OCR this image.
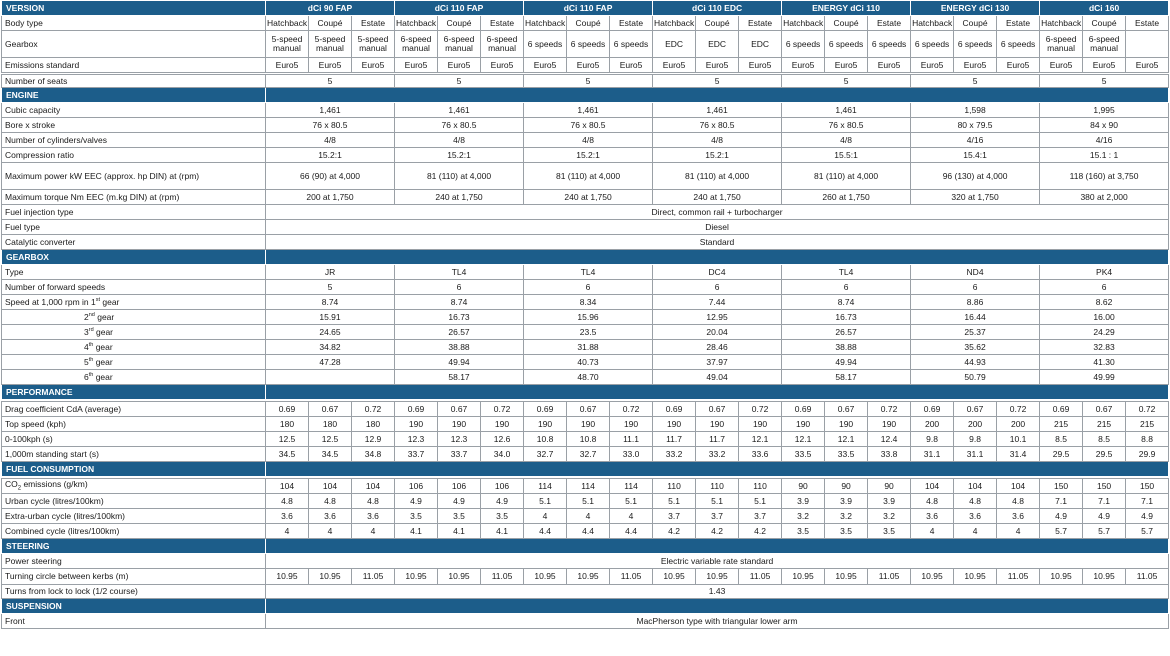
VERSION	dCi 90 FAP			dCi 110 FAP			dCi 110 FAP			dCi 110 EDC			ENERGY dCi 110			ENERGY dCi 130			dCi 160		
Body type	Hatchback	Coupé	Estate	Hatchback	Coupé	Estate	Hatchback	Coupé	Estate	Hatchback	Coupé	Estate	Hatchback	Coupé	Estate	Hatchback	Coupé	Estate	Hatchback	Coupé	Estate
Gearbox	5-speed manual	5-speed manual	5-speed manual	6-speed manual	6-speed manual	6-speed manual	6 speeds	6 speeds	6 speeds	EDC	EDC	EDC	6 speeds	6 speeds	6 speeds	6 speeds	6 speeds	6 speeds	6-speed manual	6-speed manual	
Emissions standard	Euro5	Euro5	Euro5	Euro5	Euro5	Euro5	Euro5	Euro5	Euro5	Euro5	Euro5	Euro5	Euro5	Euro5	Euro5	Euro5	Euro5	Euro5	Euro5	Euro5	Euro5

Number of seats	5			5			5			5			5			5			5		
ENGINE																					
Cubic capacity	1,461			1,461			1,461			1,461			1,461			1,598			1,995		
Bore x stroke	76 x 80.5			76 x 80.5			76 x 80.5			76 x 80.5			76 x 80.5			80 x 79.5			84 x 90		
Number of cylinders/valves	4/8			4/8			4/8			4/8			4/8			4/16			4/16		
Compression ratio	15.2:1			15.2:1			15.2:1			15.2:1			15.5:1			15.4:1			15.1 : 1		
Maximum power kW EEC (approx. hp DIN) at (rpm)	66 (90) at 4,000			81 (110) at 4,000			81 (110) at 4,000			81 (110) at 4,000			81 (110) at 4,000			96 (130) at 4,000			118 (160) at 3,750		
Maximum torque Nm EEC (m.kg DIN) at (rpm)	200 at 1,750			240 at 1,750			240 at 1,750			240 at 1,750			260 at 1,750			320 at 1,750			380 at 2,000		
Fuel injection type	Direct, common rail + turbocharger																				
Fuel type	Diesel																				
Catalytic converter	Standard																				
GEARBOX																					
Type	JR			TL4			TL4			DC4			TL4			ND4			PK4		
Number of forward speeds	5			6			6			6			6			6			6		
Speed at 1,000 rpm in 1st gear	8.74			8.74			8.34			7.44			8.74			8.86			8.62		
2nd gear	15.91			16.73			15.96			12.95			16.73			16.44			16.00		
3rd gear	24.65			26.57			23.5			20.04			26.57			25.37			24.29		
4th gear	34.82			38.88			31.88			28.46			38.88			35.62			32.83		
5th gear	47.28			49.94			40.73			37.97			49.94			44.93			41.30		
6th gear				58.17			48.70			49.04			58.17			50.79			49.99		
PERFORMANCE																					

Drag coefficient CdA (average)	0.69	0.67	0.72	0.69	0.67	0.72	0.69	0.67	0.72	0.69	0.67	0.72	0.69	0.67	0.72	0.69	0.67	0.72	0.69	0.67	0.72
Top speed (kph)	180	180	180	190	190	190	190	190	190	190	190	190	190	190	190	200	200	200	215	215	215
0-100kph (s)	12.5	12.5	12.9	12.3	12.3	12.6	10.8	10.8	11.1	11.7	11.7	12.1	12.1	12.1	12.4	9.8	9.8	10.1	8.5	8.5	8.8
1,000m standing start (s)	34.5	34.5	34.8	33.7	33.7	34.0	32.7	32.7	33.0	33.2	33.2	33.6	33.5	33.5	33.8	31.1	31.1	31.4	29.5	29.5	29.9
FUEL CONSUMPTION																					

$CO_2$ emissions (g/km)	104	104	104	106	106	106	114	114	114	110	110	110	90	90	90	104	104	104	150	150	150
Urban cycle (litres/100km)	4.8	4.8	4.8	4.9	4.9	4.9	5.1	5.1	5.1	5.1	5.1	5.1	3.9	3.9	3.9	4.8	4.8	4.8	7.1	7.1	7.1
Extra-urban cycle (litres/100km)	3.6	3.6	3.6	3.5	3.5	3.5	4	4	4	3.7	3.7	3.7	3.2	3.2	3.2	3.6	3.6	3.6	4.9	4.9	4.9
Combined cycle (litres/100km)	4	4	4	4.1	4.1	4.1	4.4	4.4	4.4	4.2	4.2	4.2	3.5	3.5	3.5	4	4	4	5.7	5.7	5.7
STEERING																					
Power steering	Electric variable rate standard																				
Turning circle between kerbs (m)	10.95	10.95	11.05	10.95	10.95	11.05	10.95	10.95	11.05	10.95	10.95	11.05	10.95	10.95	11.05	10.95	10.95	11.05	10.95	10.95	11.05
Turns from lock to lock (1/2 course)	1.43																				
SUSPENSION																					
Front	MacPherson type with triangular lower arm																				
